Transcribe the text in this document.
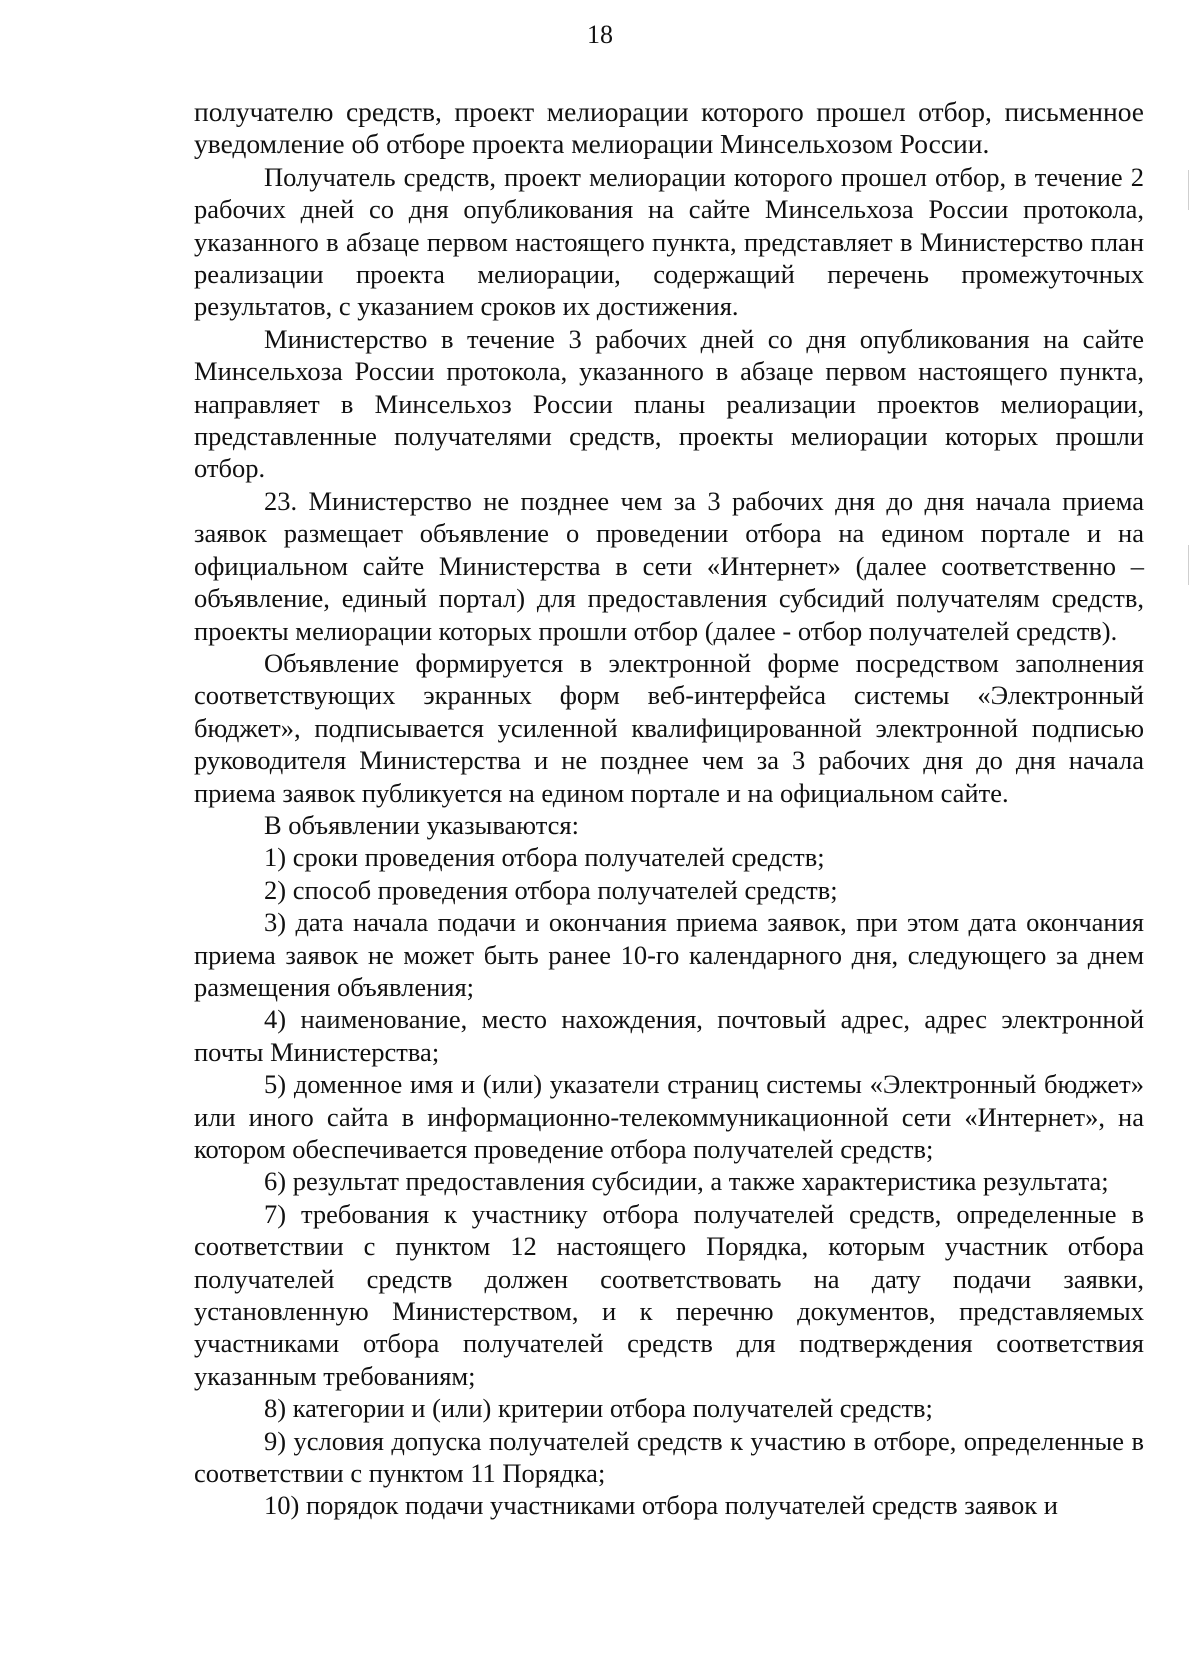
18

получателю средств, проект мелиорации которого прошел отбор, письменное уведомление об отборе проекта мелиорации Минсельхозом России.

Получатель средств, проект мелиорации которого прошел отбор, в течение 2 рабочих дней со дня опубликования на сайте Минсельхоза России протокола, указанного в абзаце первом настоящего пункта, представляет в Министерство план реализации проекта мелиорации, содержащий перечень промежуточных результатов, с указанием сроков их достижения.

Министерство в течение 3 рабочих дней со дня опубликования на сайте Минсельхоза России протокола, указанного в абзаце первом настоящего пункта, направляет в Минсельхоз России планы реализации проектов мелиорации, представленные получателями средств, проекты мелиорации которых прошли отбор.

23. Министерство не позднее чем за 3 рабочих дня до дня начала приема заявок размещает объявление о проведении отбора на едином портале и на официальном сайте Министерства в сети «Интернет» (далее соответственно – объявление, единый портал) для предоставления субсидий получателям средств, проекты мелиорации которых прошли отбор (далее - отбор получателей средств).

Объявление формируется в электронной форме посредством заполнения соответствующих экранных форм веб-интерфейса системы «Электронный бюджет», подписывается усиленной квалифицированной электронной подписью руководителя Министерства и не позднее чем за 3 рабочих дня до дня начала приема заявок публикуется на едином портале и на официальном сайте.

В объявлении указываются:

1) сроки проведения отбора получателей средств;

2) способ проведения отбора получателей средств;

3) дата начала подачи и окончания приема заявок, при этом дата окончания приема заявок не может быть ранее 10-го календарного дня, следующего за днем размещения объявления;

4) наименование, место нахождения, почтовый адрес, адрес электронной почты Министерства;

5) доменное имя и (или) указатели страниц системы «Электронный бюджет» или иного сайта в информационно-телекоммуникационной сети «Интернет», на котором обеспечивается проведение отбора получателей средств;

6) результат предоставления субсидии, а также характеристика результата;

7) требования к участнику отбора получателей средств, определенные в соответствии с пунктом 12 настоящего Порядка, которым участник отбора получателей средств должен соответствовать на дату подачи заявки, установленную Министерством, и к перечню документов, представляемых участниками отбора получателей средств для подтверждения соответствия указанным требованиям;

8) категории и (или) критерии отбора получателей средств;

9) условия допуска получателей средств к участию в отборе, определенные в соответствии с пунктом 11 Порядка;

10) порядок подачи участниками отбора получателей средств заявок и
